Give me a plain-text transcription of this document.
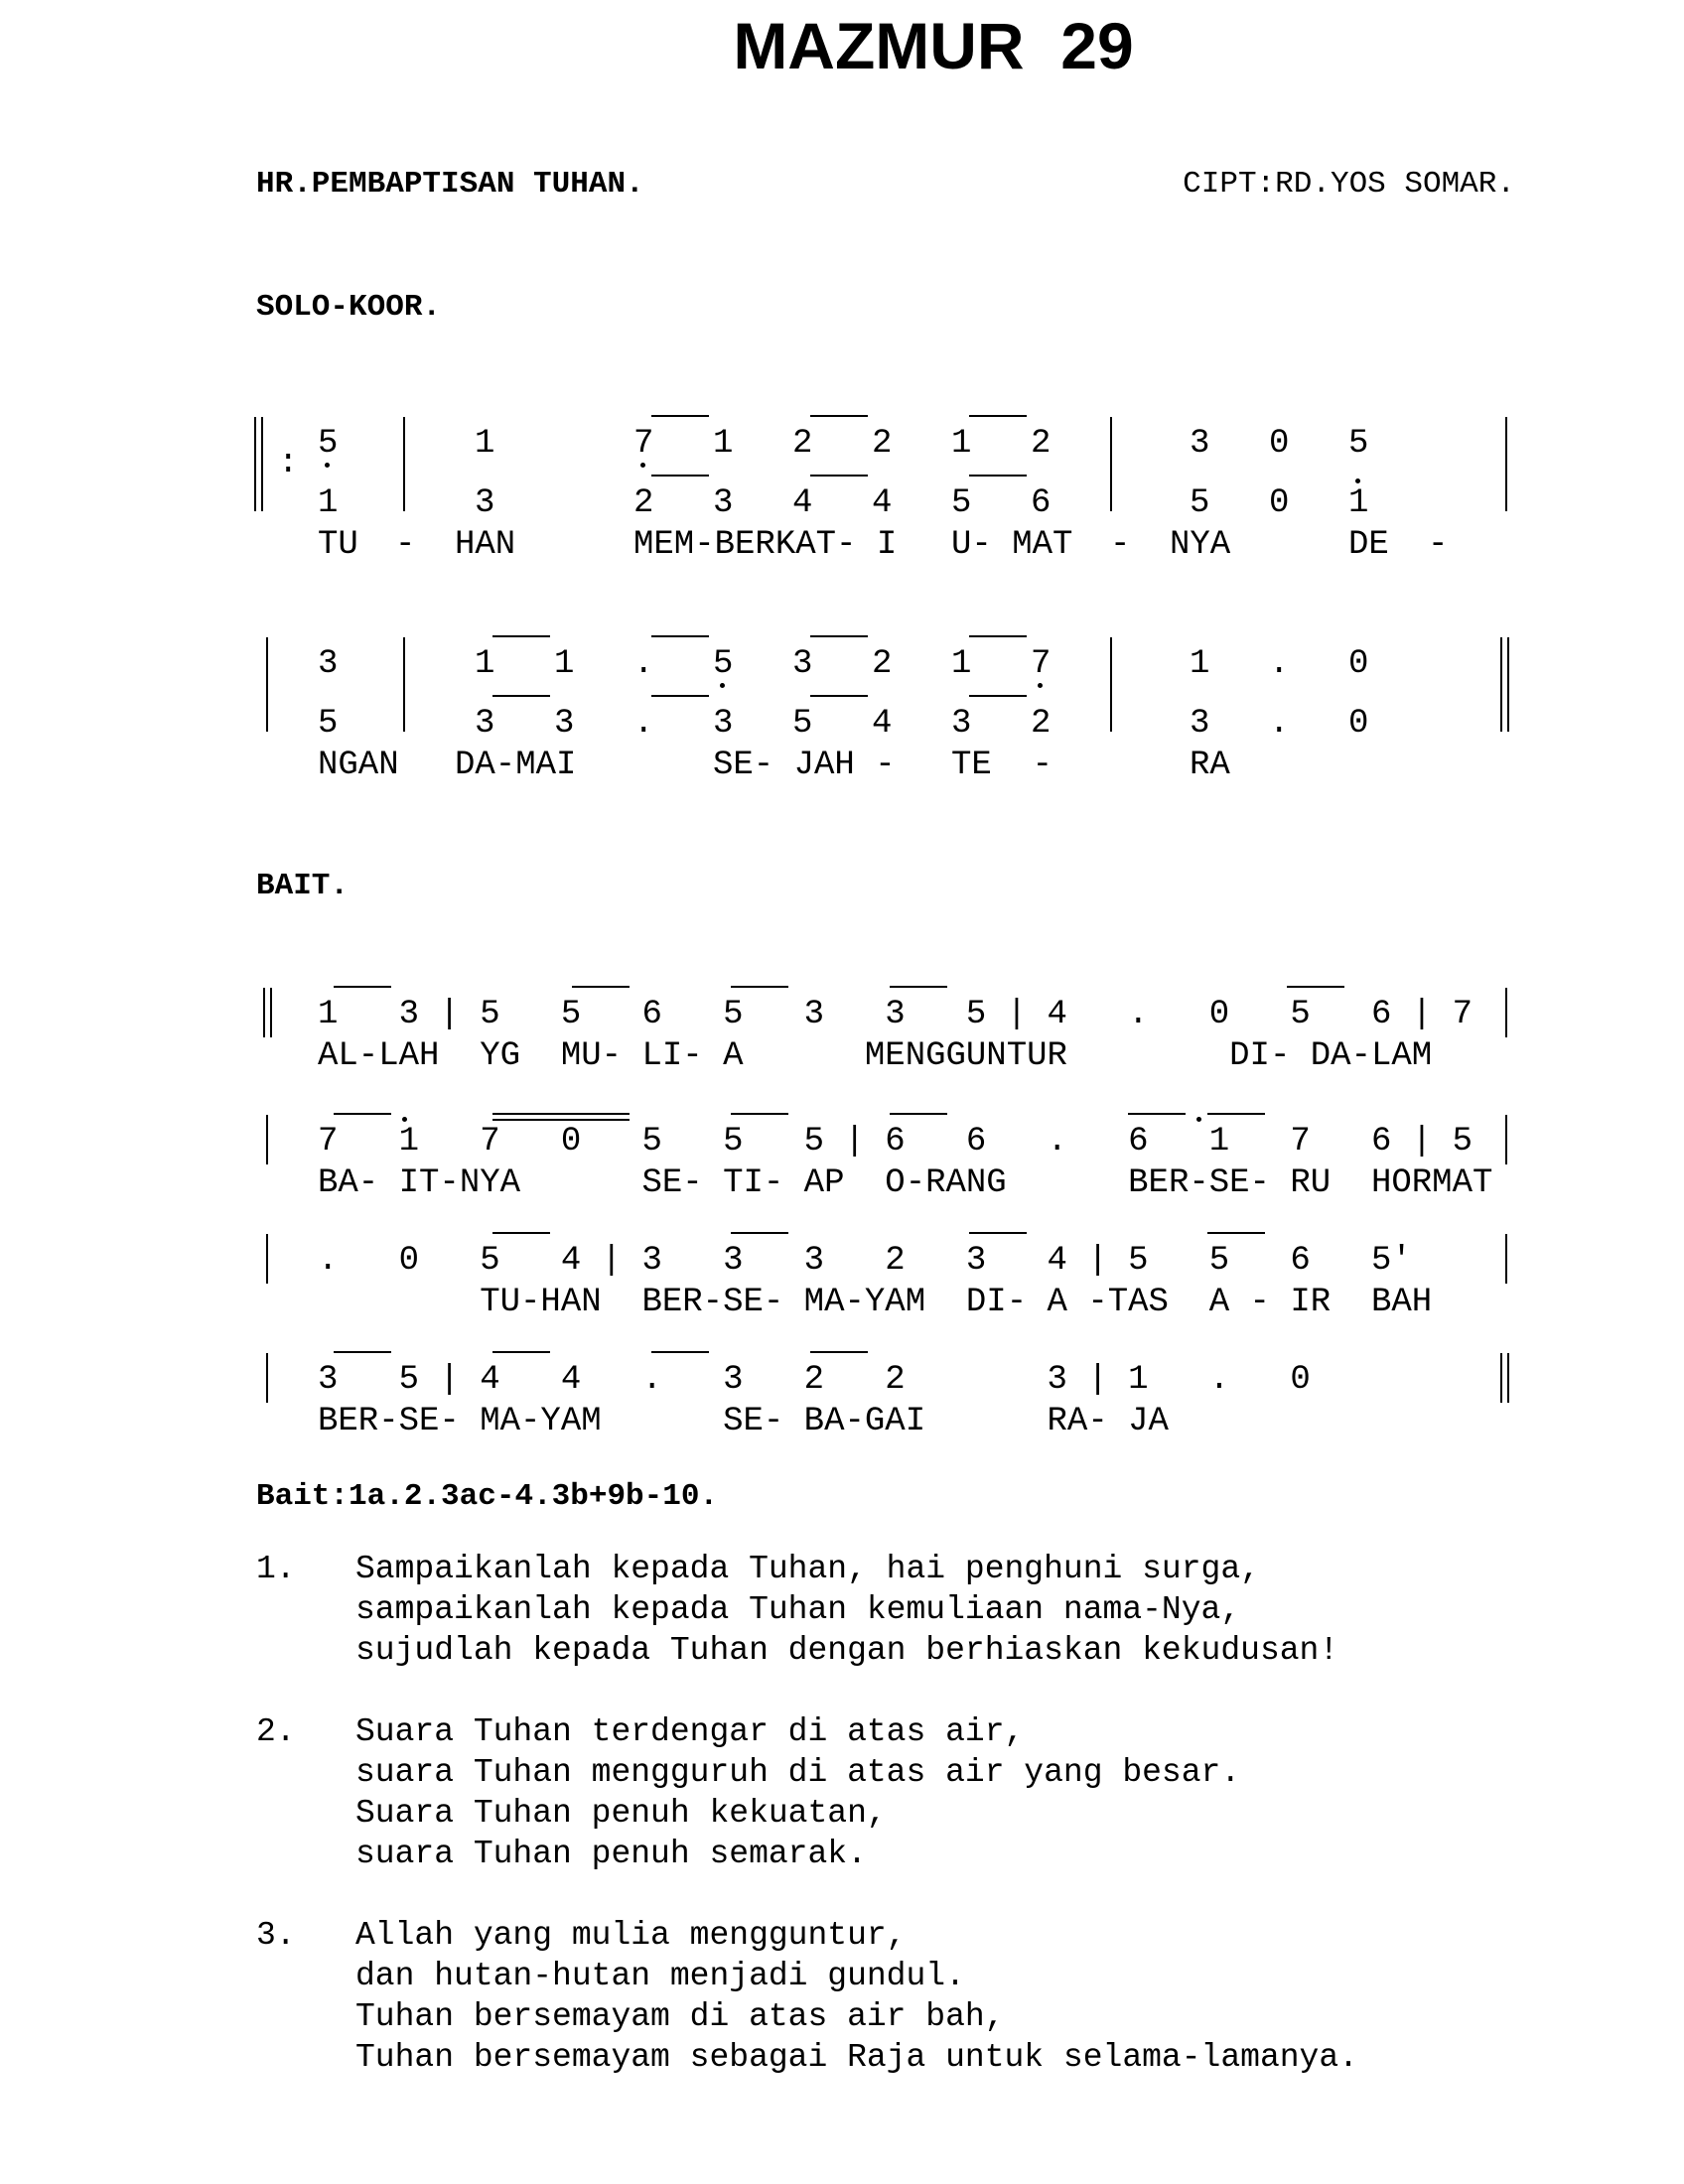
MAZMUR  29
HR.PEMBAPTISAN TUHAN.	CIPT:RD.YOS SOMAR.
SOLO-KOOR.
:
5	1	7 1 2 2 1 2	3 0 5
1	3	2 3 4 4 5 6	5 0 1
TU - HAN	MEM-BERKAT- I U- MAT - NYA	DE -
3	1 1 . 5 3 2 1 7	1 . 0
5	3 3 . 3 5 4 3 2	3 . 0
NGAN DA-MAI	SE- JAH - TE  -	RA
BAIT.
1   3 | 5   5   6   5   3   3   5 | 4   .   0   5   6 | 7
AL-LAH  YG  MU- LI- A      MENGGUNTUR        DI- DA-LAM
7   1   7   0   5   5   5 | 6   6   .   6   1   7   6 | 5
BA- IT-NYA      SE- TI- AP  O-RANG      BER-SE- RU  HORMAT
.   0   5   4 | 3   3   3   2   3   4 | 5   5   6   5'
TU-HAN  BER-SE- MA-YAM  DI- A -TAS  A - IR  BAH
3   5 | 4   4   .   3   2   2       3 | 1   .   0
BER-SE- MA-YAM      SE- BA-GAI      RA- JA
Bait:1a.2.3ac-4.3b+9b-10.
1.	Sampaikanlah kepada Tuhan, hai penghuni surga,
sampaikanlah kepada Tuhan kemuliaan nama-Nya,
sujudlah kepada Tuhan dengan berhiaskan kekudusan!
2.	Suara Tuhan terdengar di atas air,
suara Tuhan mengguruh di atas air yang besar.
Suara Tuhan penuh kekuatan,
suara Tuhan penuh semarak.
3.	Allah yang mulia mengguntur,
dan hutan-hutan menjadi gundul.
Tuhan bersemayam di atas air bah,
Tuhan bersemayam sebagai Raja untuk selama-lamanya.
